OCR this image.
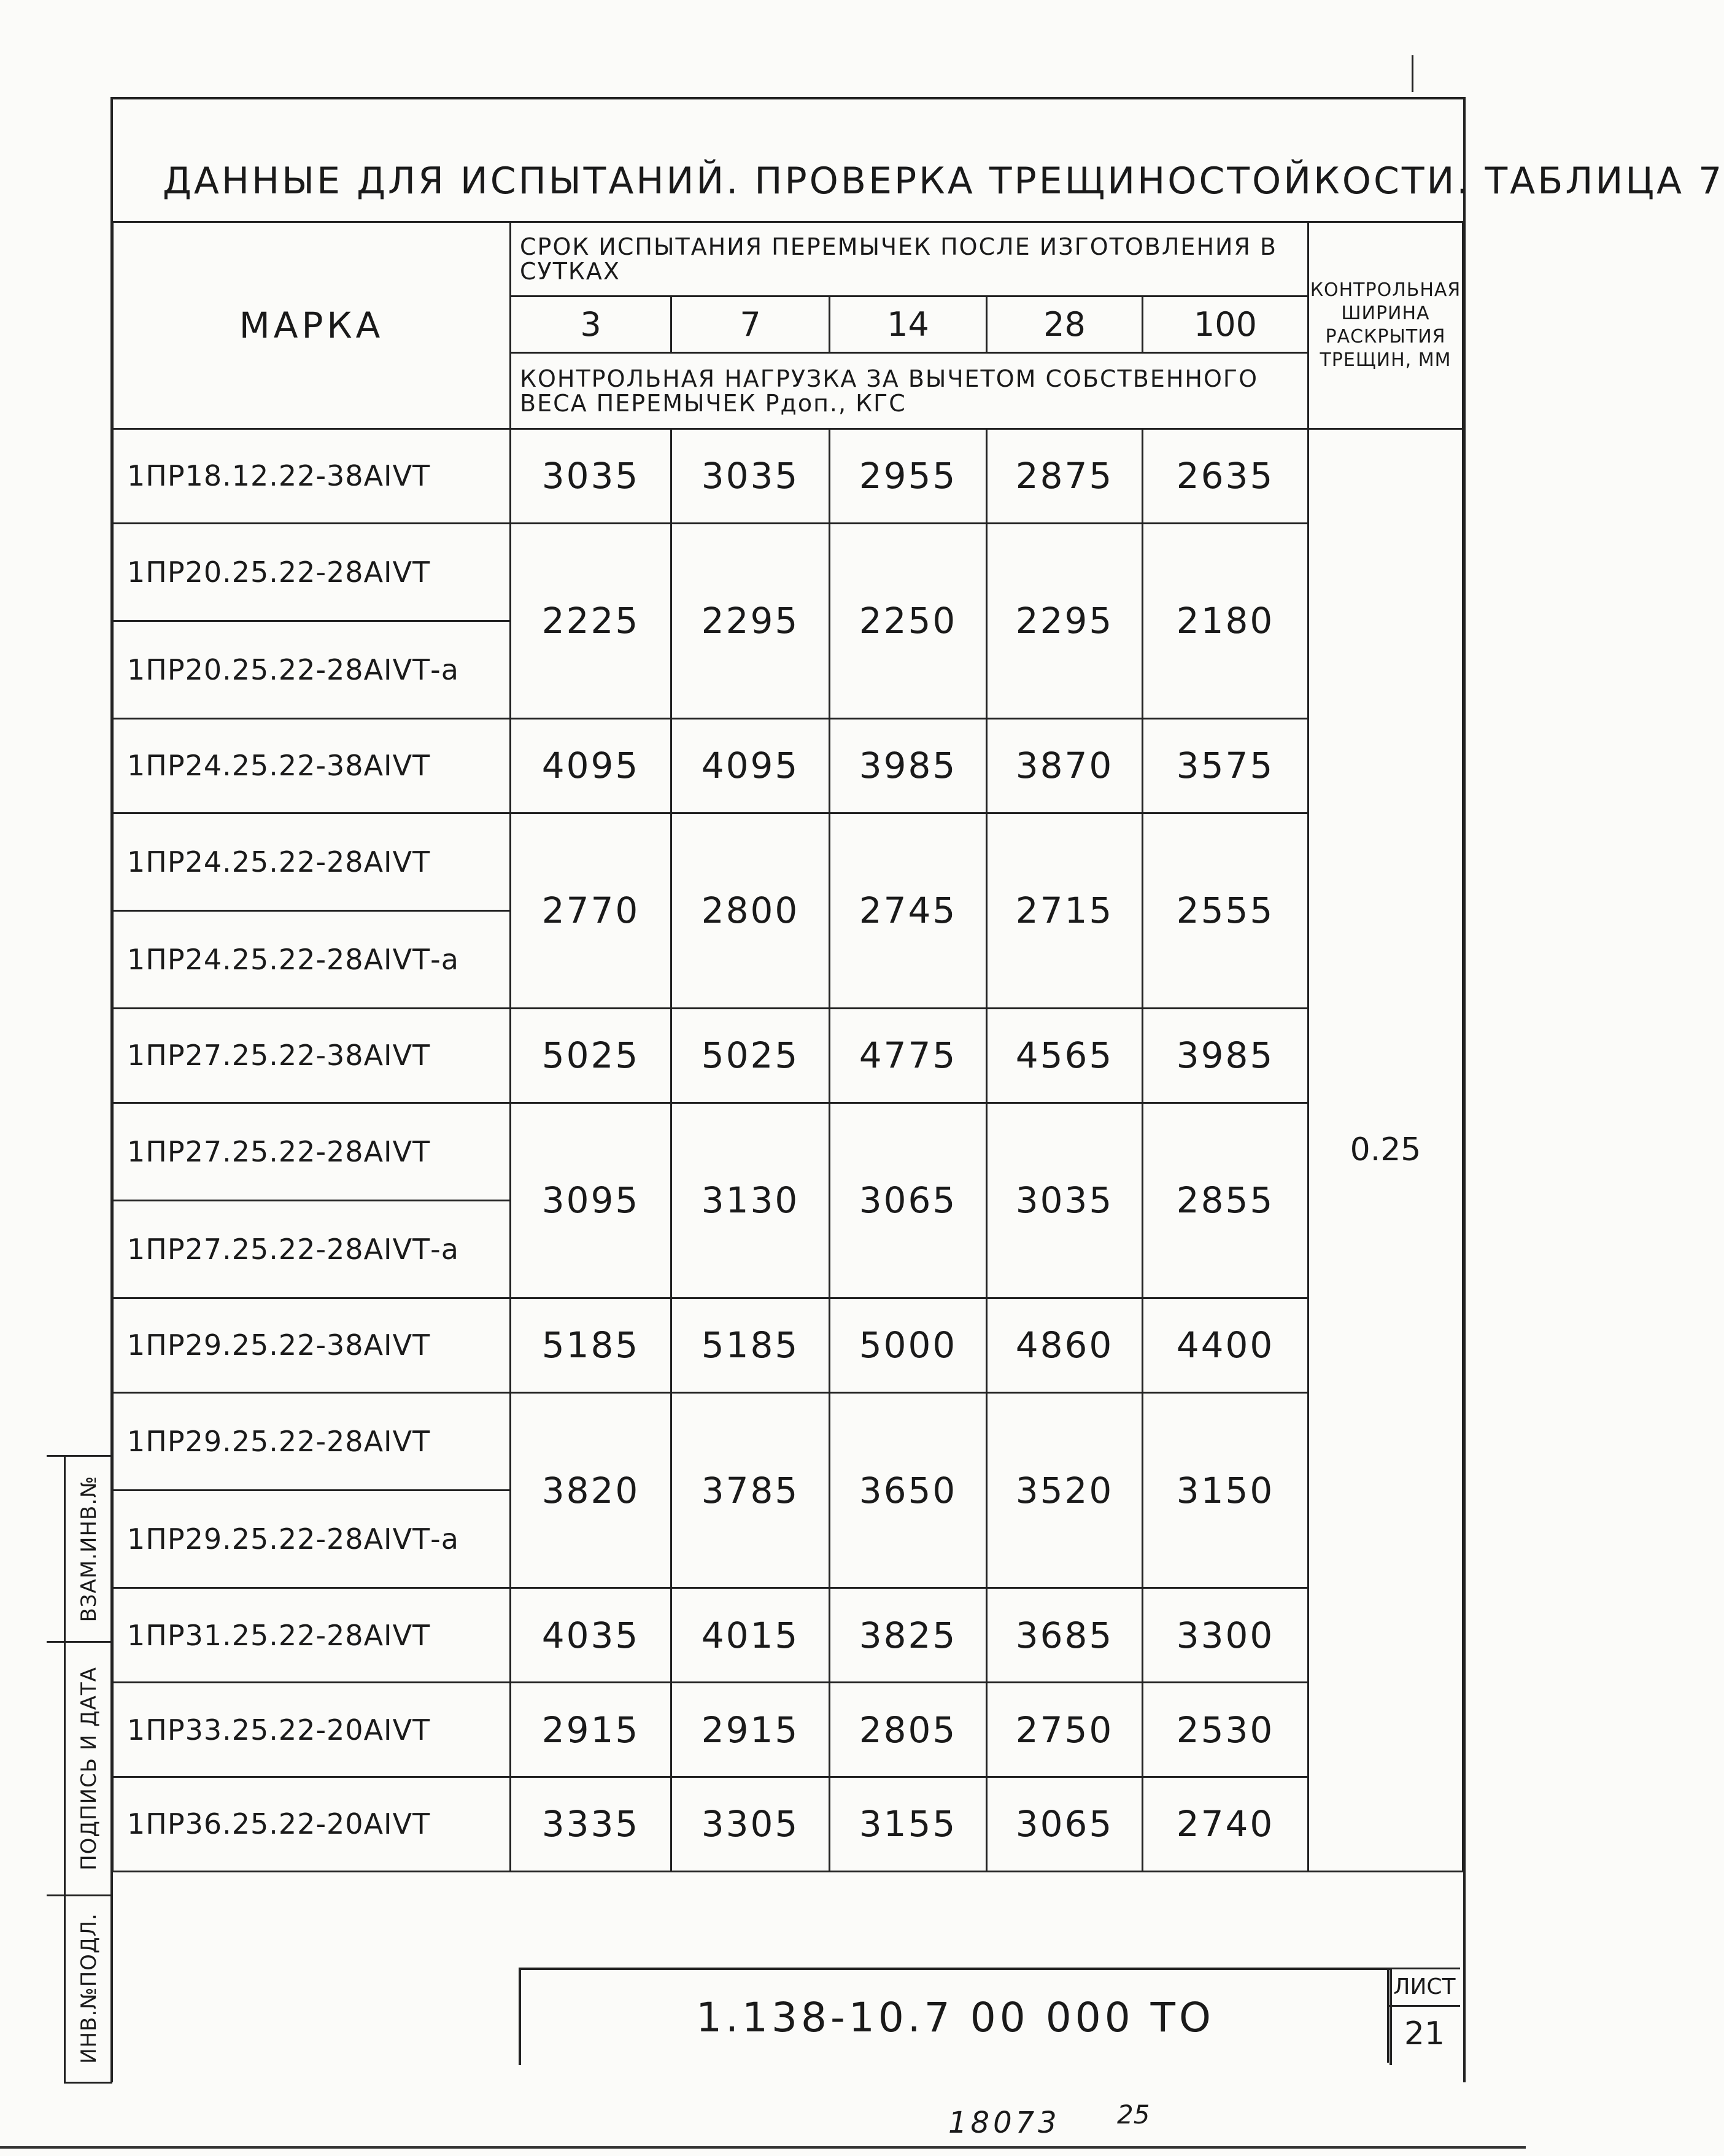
ДАННЫЕ ДЛЯ ИСПЫТАНИЙ. ПРОВЕРКА ТРЕЩИНОСТОЙКОСТИ. ТАБЛИЦА 7
МАРКА	СРОК ИСПЫТАНИЯ ПЕРЕМЫЧЕК ПОСЛЕ ИЗГОТОВЛЕНИЯ В СУТКАХ					КОНТРОЛЬНАЯ ШИРИНА РАСКРЫТИЯ ТРЕЩИН, ММ
	3	7	14	28	100	
	КОНТРОЛЬНАЯ НАГРУЗКА ЗА ВЫЧЕТОМ СОБСТВЕННОГО ВЕСА ПЕРЕМЫЧЕК Pдоп., КГС					
1ПР18.12.22-38АIVТ	3035	3035	2955	2875	2635	0.25
1ПР20.25.22-28АIVТ	2225	2295	2250	2295	2180	
1ПР20.25.22-28АIVТ-а						
1ПР24.25.22-38АIVТ	4095	4095	3985	3870	3575	
1ПР24.25.22-28АIVТ	2770	2800	2745	2715	2555	
1ПР24.25.22-28АIVТ-а						
1ПР27.25.22-38АIVТ	5025	5025	4775	4565	3985	
1ПР27.25.22-28АIVТ	3095	3130	3065	3035	2855	
1ПР27.25.22-28АIVТ-а						
1ПР29.25.22-38АIVТ	5185	5185	5000	4860	4400	
1ПР29.25.22-28АIVТ	3820	3785	3650	3520	3150	
1ПР29.25.22-28АIVТ-а						
1ПР31.25.22-28АIVТ	4035	4015	3825	3685	3300	
1ПР33.25.22-20АIVТ	2915	2915	2805	2750	2530	
1ПР36.25.22-20АIVТ	3335	3305	3155	3065	2740	
1.138-10.7 00 000 ТО
ЛИСТ
21
ВЗАМ.ИНВ.№
ПОДПИСЬ И ДАТА
ИНВ.№ПОДЛ.
18073 25
